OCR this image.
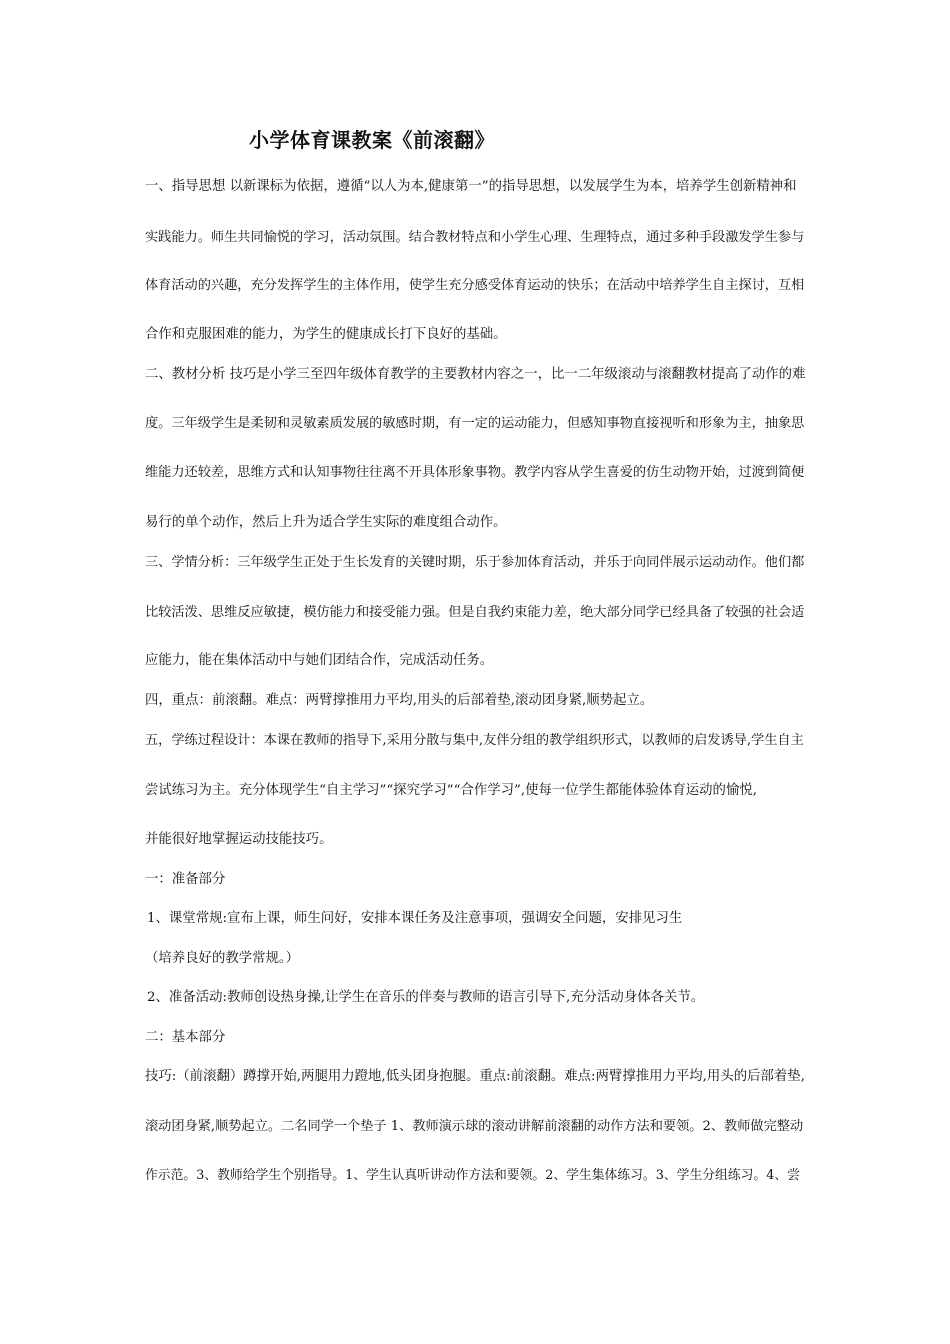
小学体育课教案《前滚翻》

一、指导思想 以新课标为依据，遵循“以人为本,健康第一”的指导思想，以发展学生为本，培养学生创新精神和

实践能力。师生共同愉悦的学习，活动氛围。结合教材特点和小学生心理、生理特点，通过多种手段激发学生参与

体育活动的兴趣，充分发挥学生的主体作用，使学生充分感受体育运动的快乐；在活动中培养学生自主探讨，互相

合作和克服困难的能力，为学生的健康成长打下良好的基础。

二、教材分析 技巧是小学三至四年级体育教学的主要教材内容之一，比一二年级滚动与滚翻教材提高了动作的难

度。三年级学生是柔韧和灵敏素质发展的敏感时期，有一定的运动能力，但感知事物直接视听和形象为主，抽象思

维能力还较差，思维方式和认知事物往往离不开具体形象事物。教学内容从学生喜爱的仿生动物开始，过渡到简便

易行的单个动作，然后上升为适合学生实际的难度组合动作。

三、学情分析：三年级学生正处于生长发育的关键时期，乐于参加体育活动，并乐于向同伴展示运动动作。他们都

比较活泼、思维反应敏捷，模仿能力和接受能力强。但是自我约束能力差，绝大部分同学已经具备了较强的社会适

应能力，能在集体活动中与她们团结合作，完成活动任务。

四，重点：前滚翻。难点：两臂撑推用力平均,用头的后部着垫,滚动团身紧,顺势起立。

五，学练过程设计：本课在教师的指导下,采用分散与集中,友伴分组的教学组织形式，以教师的启发诱导,学生自主

尝试练习为主。充分体现学生“自主学习”“探究学习”“合作学习”,使每一位学生都能体验体育运动的愉悦,

并能很好地掌握运动技能技巧。

一：准备部分

1、课堂常规:宣布上课，师生问好，安排本课任务及注意事项，强调安全问题，安排见习生

（培养良好的教学常规。）

2、准备活动:教师创设热身操,让学生在音乐的伴奏与教师的语言引导下,充分活动身体各关节。

二：基本部分

技巧:（前滚翻）蹲撑开始,两腿用力蹬地,低头团身抱腿。重点:前滚翻。难点:两臂撑推用力平均,用头的后部着垫,

滚动团身紧,顺势起立。二名同学一个垫子 1、教师演示球的滚动讲解前滚翻的动作方法和要领。2、教师做完整动

作示范。3、教师给学生个别指导。1、学生认真听讲动作方法和要领。2、学生集体练习。3、学生分组练习。4、尝
